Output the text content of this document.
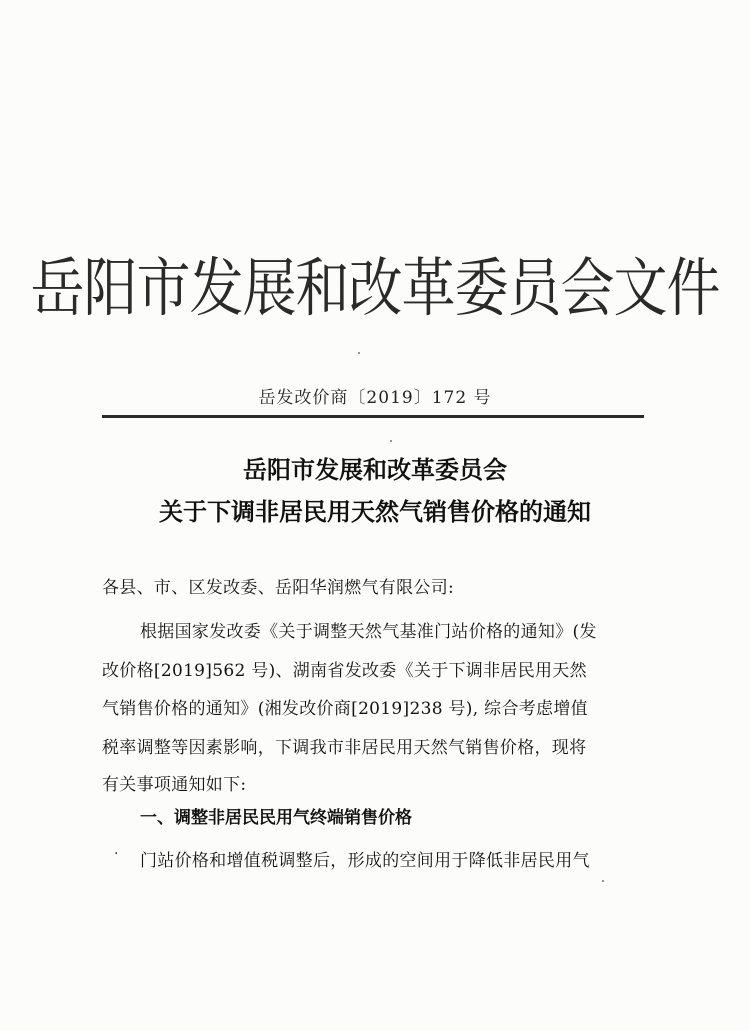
岳阳市发展和改革委员会文件
岳发改价商〔2019〕172 号
岳阳市发展和改革委员会
关于下调非居民用天然气销售价格的通知
各县、市、区发改委、岳阳华润燃气有限公司:
根据国家发改委《关于调整天然气基准门站价格的通知》(发
改价格[2019]562 号)、湖南省发改委《关于下调非居民用天然
气销售价格的通知》(湘发改价商[2019]238 号), 综合考虑增值
税率调整等因素影响，下调我市非居民用天然气销售价格，现将
有关事项通知如下:
一、调整非居民民用气终端销售价格
· 门站价格和增值税调整后，形成的空间用于降低非居民用气
